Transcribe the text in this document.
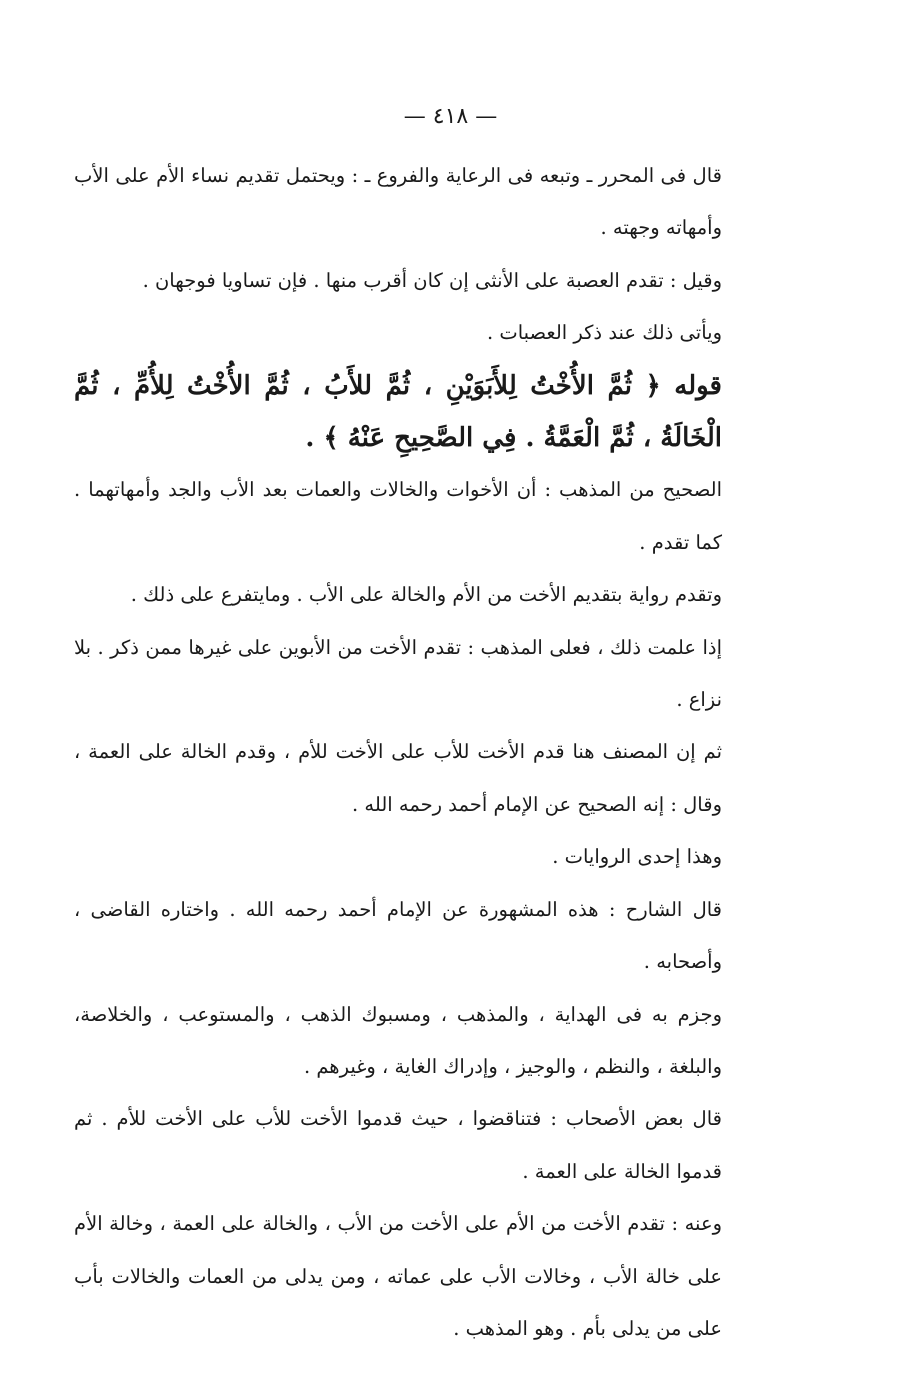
— ٤١٨ —

قال فى المحرر ـ وتبعه فى الرعاية والفروع ـ : ويحتمل تقديم نساء الأم على الأب وأمهاته وجهته .

وقيل : تقدم العصبة على الأنثى إن كان أقرب منها . فإن تساويا فوجهان .

ويأتى ذلك عند ذكر العصبات .

قوله ﴿ ثُمَّ الأُخْتُ لِلأَبَوَيْنِ ، ثُمَّ للأَبُ ، ثُمَّ الأُخْتُ لِلأُمِّ ، ثُمَّ الْخَالَةُ ، ثُمَّ الْعَمَّةُ . فِي الصَّحِيحِ عَنْهُ ﴾ .

الصحيح من المذهب : أن الأخوات والخالات والعمات بعد الأب والجد وأمهاتهما . كما تقدم .

وتقدم رواية بتقديم الأخت من الأم والخالة على الأب . ومايتفرع على ذلك .

إذا علمت ذلك ، فعلى المذهب : تقدم الأخت من الأبوين على غيرها ممن ذكر . بلا نزاع .

ثم إن المصنف هنا قدم الأخت للأب على الأخت للأم ، وقدم الخالة على العمة ، وقال : إنه الصحيح عن الإمام أحمد رحمه الله .

وهذا إحدى الروايات .

قال الشارح : هذه المشهورة عن الإمام أحمد رحمه الله . واختاره القاضى ، وأصحابه .

وجزم به فى الهداية ، والمذهب ، ومسبوك الذهب ، والمستوعب ، والخلاصة، والبلغة ، والنظم ، والوجيز ، وإدراك الغاية ، وغيرهم .

قال بعض الأصحاب : فتناقضوا ، حيث قدموا الأخت للأب على الأخت للأم . ثم قدموا الخالة على العمة .

وعنه : تقدم الأخت من الأم على الأخت من الأب ، والخالة على العمة ، وخالة الأم على خالة الأب ، وخالات الأب على عماته ، ومن يدلى من العمات والخالات بأب على من يدلى بأم . وهو المذهب .
